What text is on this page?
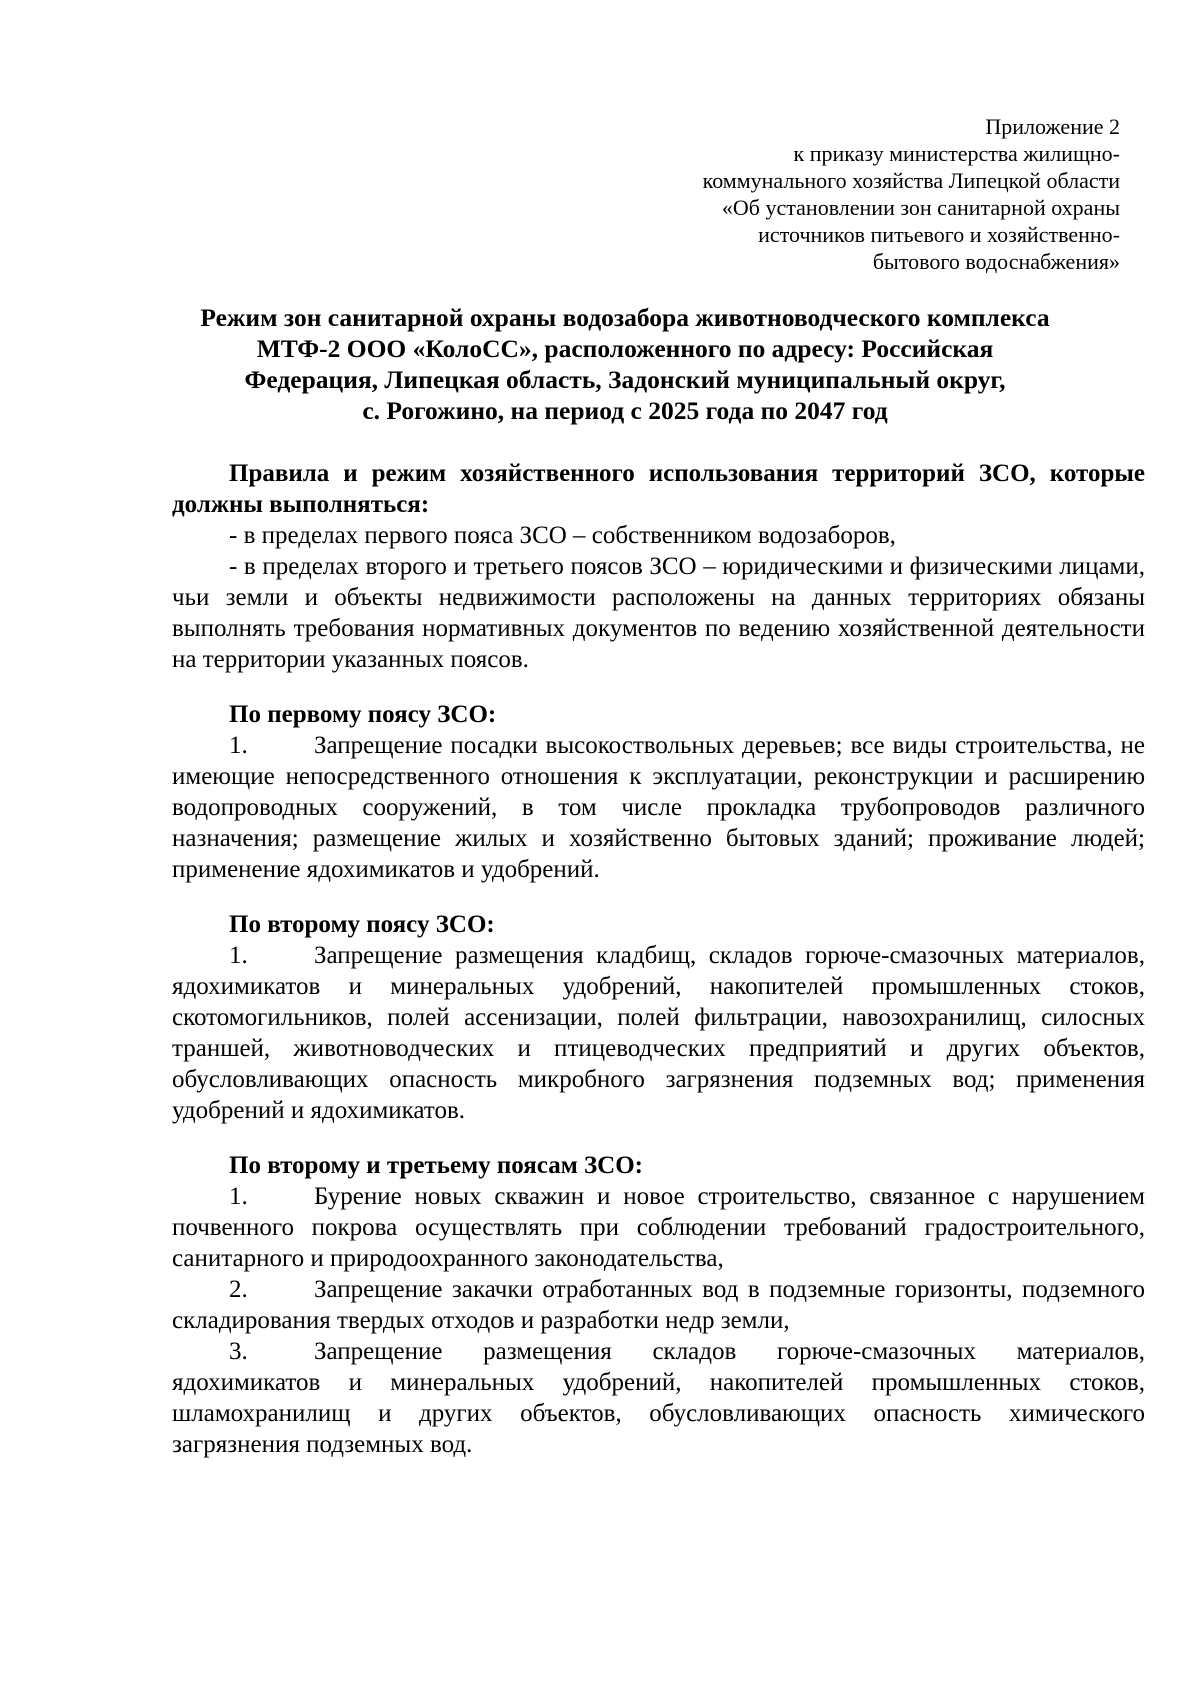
Приложение 2
к приказу министерства жилищно-
коммунального хозяйства Липецкой области
«Об установлении зон санитарной охраны
источников питьевого и хозяйственно-
бытового водоснабжения»
Режим зон санитарной охраны водозабора животноводческого комплекса
МТФ-2 ООО «КолоСС», расположенного по адресу: Российская
Федерация, Липецкая область, Задонский муниципальный округ,
с. Рогожино, на период с 2025 года по 2047 год

Правила и режим хозяйственного использования территорий ЗСО, которые должны выполняться:

- в пределах первого пояса ЗСО – собственником водозаборов,

- в пределах второго и третьего поясов ЗСО – юридическими и физическими лицами, чьи земли и объекты недвижимости расположены на данных территориях обязаны выполнять требования нормативных документов по ведению хозяйственной деятельности на территории указанных поясов.

По первому поясу ЗСО:

1.	Запрещение посадки высокоствольных деревьев; все виды строительства, не имеющие непосредственного отношения к эксплуатации, реконструкции и расширению водопроводных сооружений, в том числе прокладка трубопроводов различного назначения; размещение жилых и хозяйственно бытовых зданий; проживание людей; применение ядохимикатов и удобрений.

По второму поясу ЗСО:

1.	Запрещение размещения кладбищ, складов горюче-смазочных материалов, ядохимикатов и минеральных удобрений, накопителей промышленных стоков, скотомогильников, полей ассенизации, полей фильтрации, навозохранилищ, силосных траншей, животноводческих и птицеводческих предприятий и других объектов, обусловливающих опасность микробного загрязнения подземных вод; применения удобрений и ядохимикатов.

По второму и третьему поясам ЗСО:

1.	Бурение новых скважин и новое строительство, связанное с нарушением почвенного покрова осуществлять при соблюдении требований градостроительного, санитарного и природоохранного законодательства,

2.	Запрещение закачки отработанных вод в подземные горизонты, подземного складирования твердых отходов и разработки недр земли,

3.	Запрещение размещения складов горюче-смазочных материалов, ядохимикатов и минеральных удобрений, накопителей промышленных стоков, шламохранилищ и других объектов, обусловливающих опасность химического загрязнения подземных вод.
